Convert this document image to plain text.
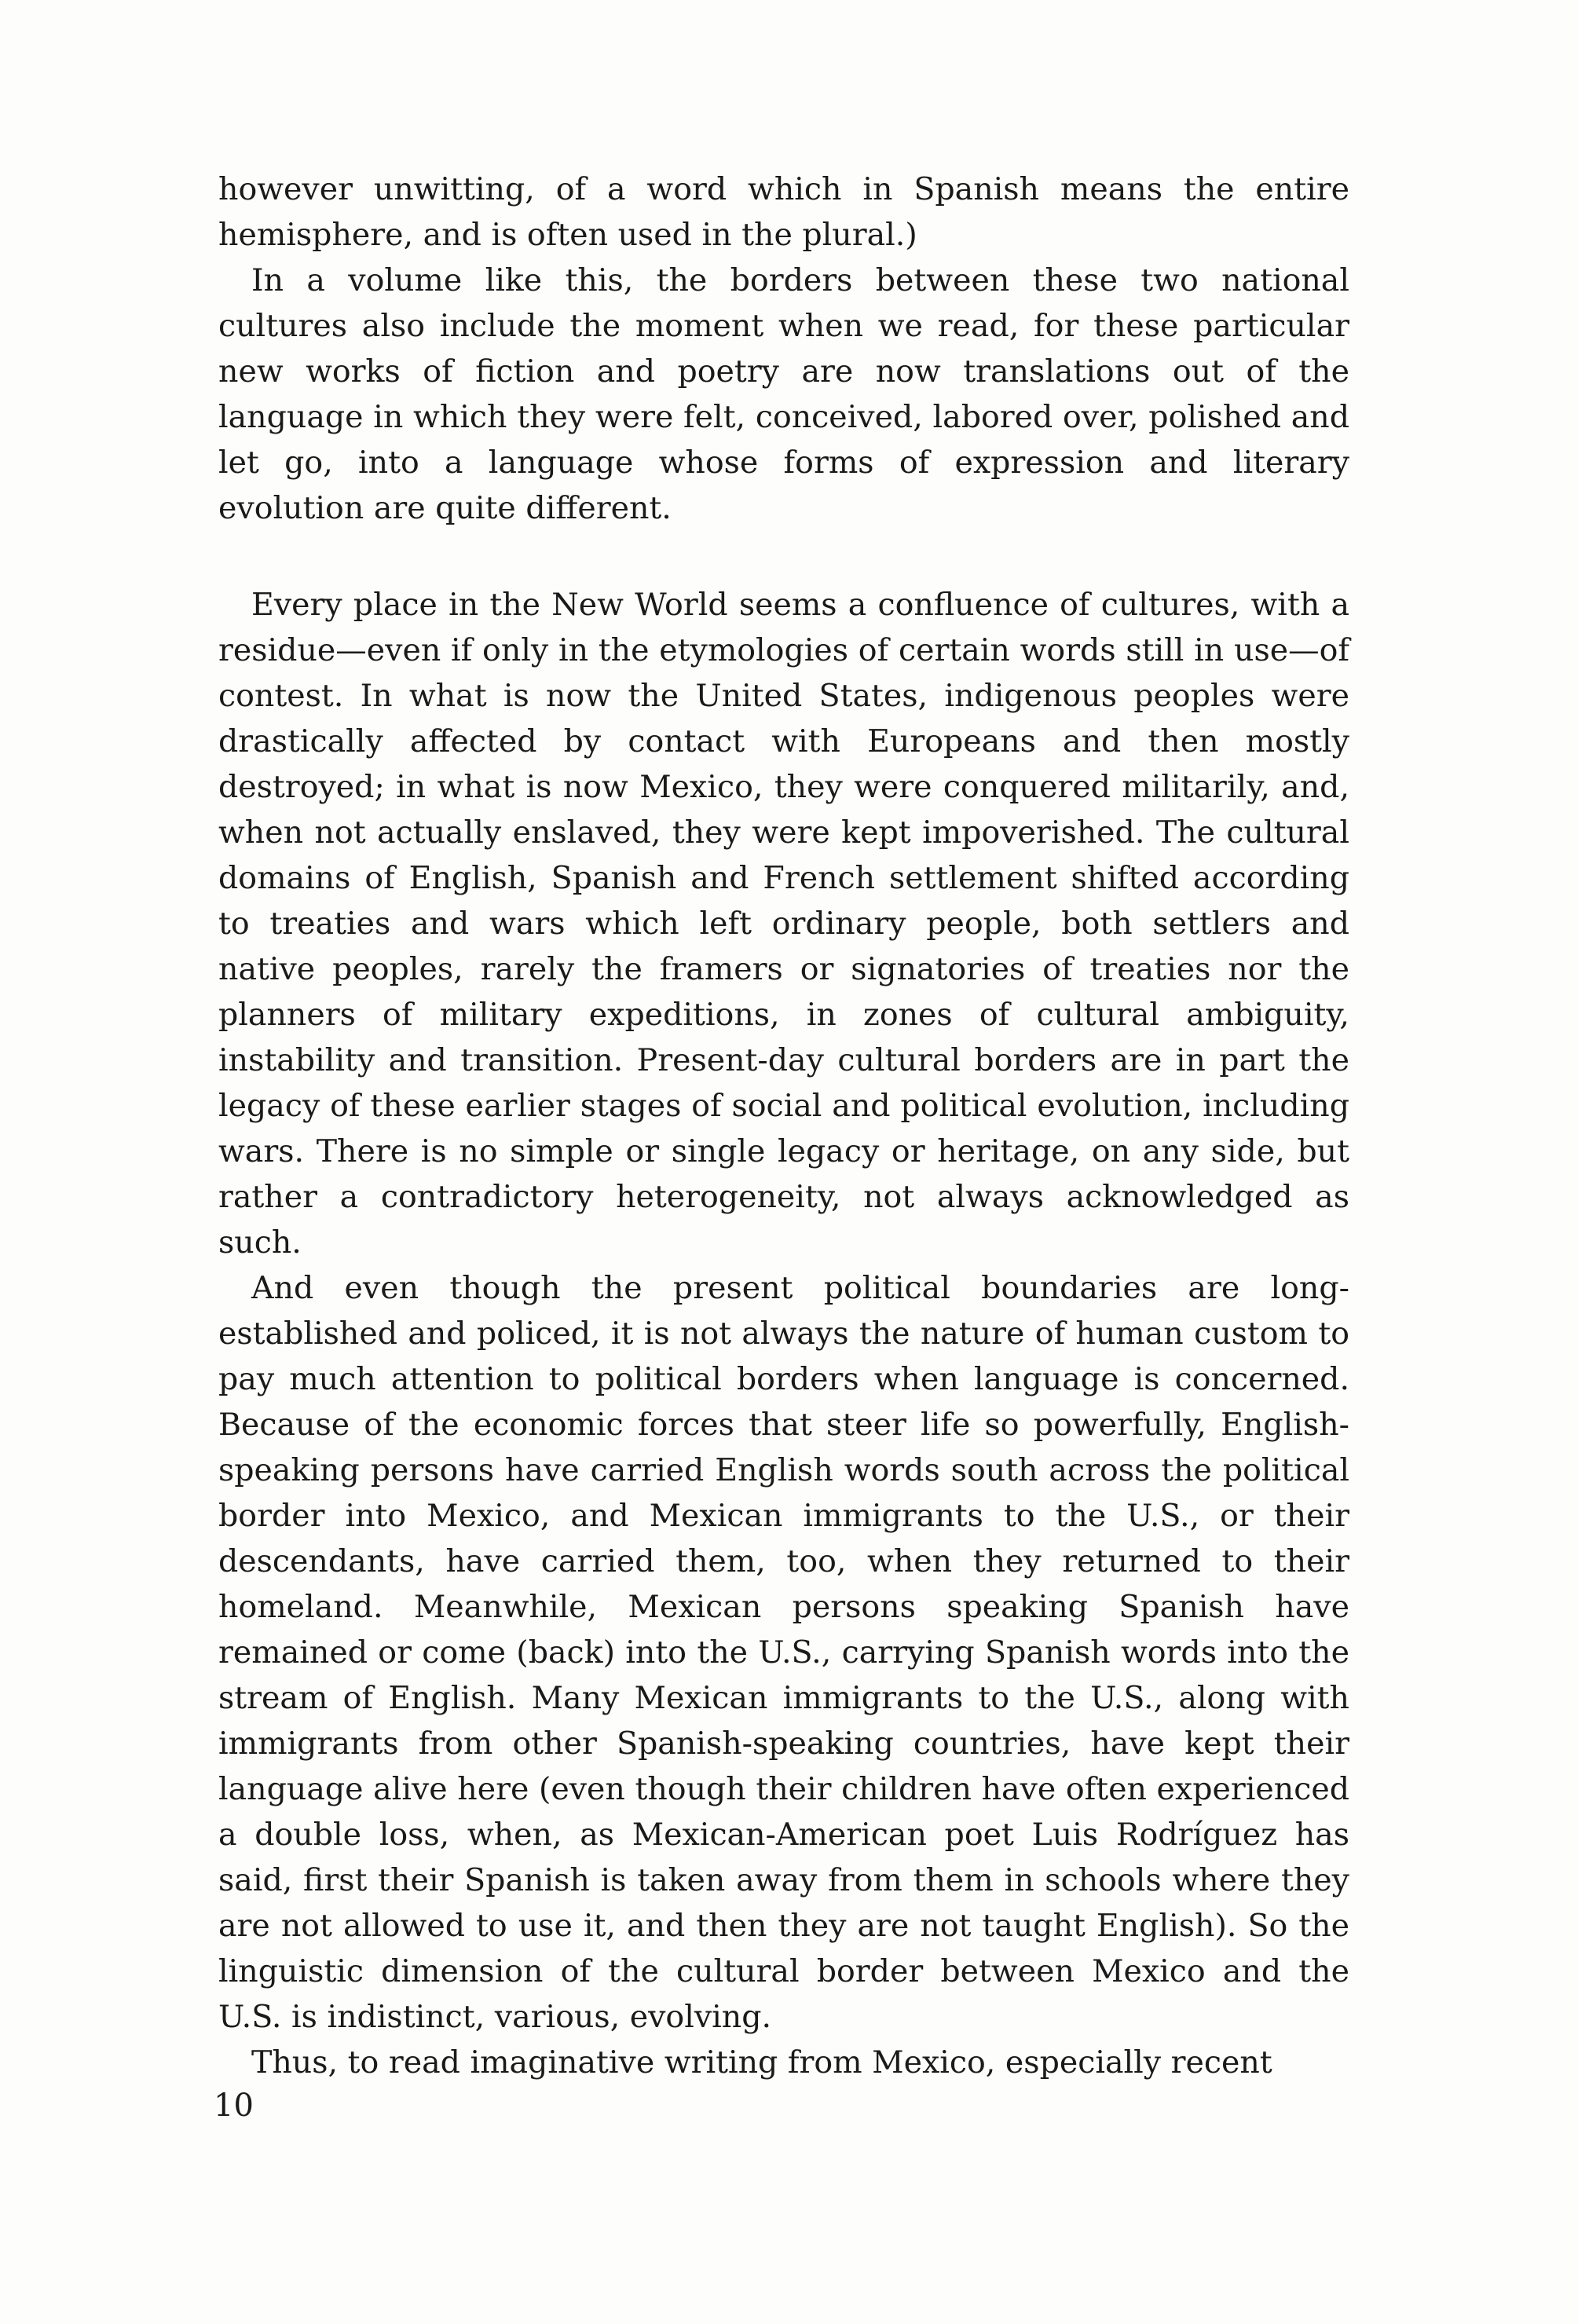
however unwitting, of a word which in Spanish means the entire hemisphere, and is often used in the plural.)

In a volume like this, the borders between these two national cultures also include the moment when we read, for these particular new works of fiction and poetry are now translations out of the language in which they were felt, conceived, labored over, polished and let go, into a language whose forms of expression and literary evolution are quite different.

Every place in the New World seems a confluence of cultures, with a residue—even if only in the etymologies of certain words still in use—of contest. In what is now the United States, indigenous peoples were drastically affected by contact with Europeans and then mostly destroyed; in what is now Mexico, they were conquered militarily, and, when not actually enslaved, they were kept impoverished. The cultural domains of English, Spanish and French settlement shifted according to treaties and wars which left ordinary people, both settlers and native peoples, rarely the framers or signatories of treaties nor the planners of military expeditions, in zones of cultural ambiguity, instability and transition. Present-day cultural borders are in part the legacy of these earlier stages of social and political evolution, including wars. There is no simple or single legacy or heritage, on any side, but rather a contradictory heterogeneity, not always acknowledged as such.

And even though the present political boundaries are long-established and policed, it is not always the nature of human custom to pay much attention to political borders when language is concerned. Because of the economic forces that steer life so powerfully, English-speaking persons have carried English words south across the political border into Mexico, and Mexican immigrants to the U.S., or their descendants, have carried them, too, when they returned to their homeland. Meanwhile, Mexican persons speaking Spanish have remained or come (back) into the U.S., carrying Spanish words into the stream of English. Many Mexican immigrants to the U.S., along with immigrants from other Spanish-speaking countries, have kept their language alive here (even though their children have often experienced a double loss, when, as Mexican-American poet Luis Rodríguez has said, first their Spanish is taken away from them in schools where they are not allowed to use it, and then they are not taught English). So the linguistic dimension of the cultural border between Mexico and the U.S. is indistinct, various, evolving.

Thus, to read imaginative writing from Mexico, especially recent

10
